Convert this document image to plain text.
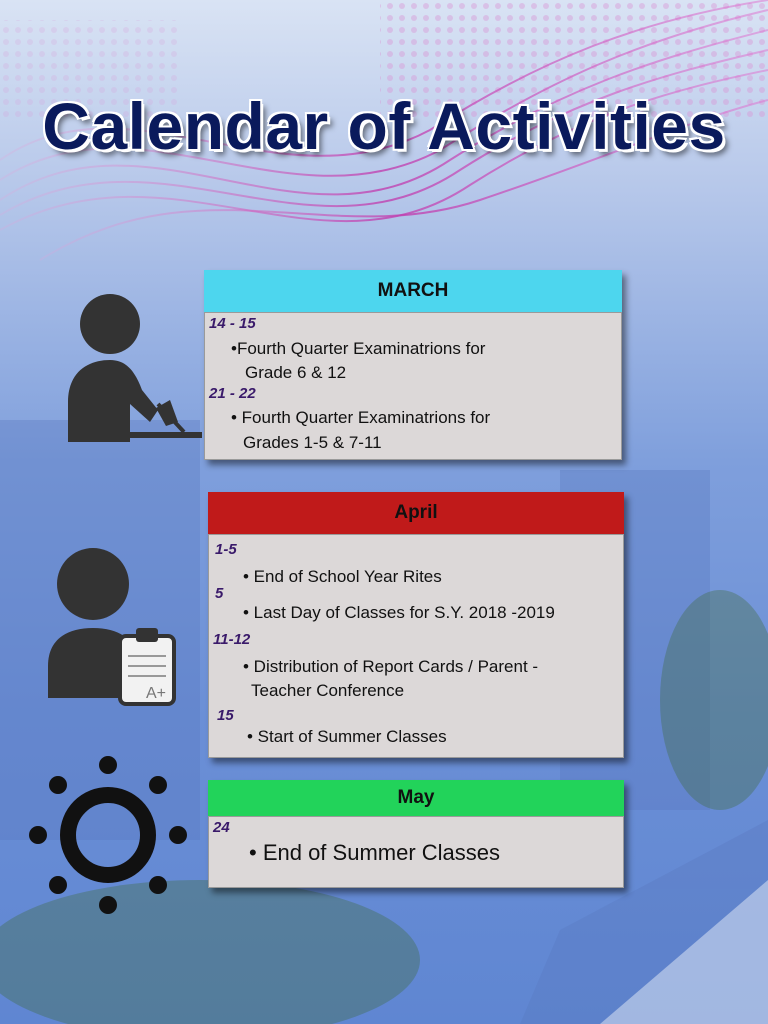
Calendar of Activities
A+
MARCH
14 - 15
•Fourth Quarter Examinatrions for
Grade 6 & 12
21 - 22
• Fourth Quarter Examinatrions for
Grades 1-5 & 7-11
April
1-5
• End of School Year Rites
5
• Last Day of Classes for S.Y. 2018 -2019
11-12
• Distribution of Report Cards / Parent -
Teacher Conference
15
• Start of Summer Classes
May
24
• End of Summer Classes
